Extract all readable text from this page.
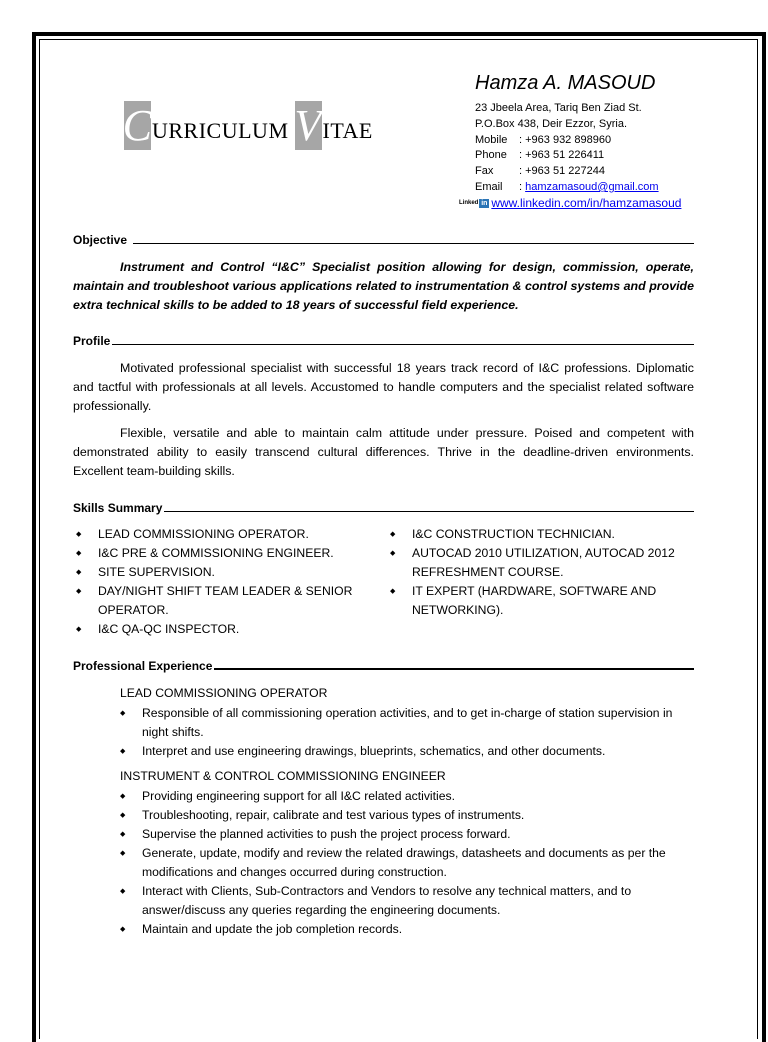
C URRICULUM V ITAE
Hamza A. MASOUD
23 Jbeela Area, Tariq Ben Ziad St.
P.O.Box 438, Deir Ezzor, Syria.
Mobile	: +963 932 898960
Phone	: +963 51 226411
Fax	: +963 51 227244
Email	: hamzamasoud@gmail.com
Linked in www.linkedin.com/in/hamzamasoud
Objective
Instrument and Control “I&C” Specialist position allowing for design, commission, operate, maintain and troubleshoot various applications related to instrumentation & control systems and provide extra technical skills to be added to 18 years of successful field experience.
Profile
Motivated professional specialist with successful 18 years track record of I&C professions. Diplomatic and tactful with professionals at all levels. Accustomed to handle computers and the specialist related software professionally.
Flexible, versatile and able to maintain calm attitude under pressure. Poised and competent with demonstrated ability to easily transcend cultural differences. Thrive in the deadline-driven environments. Excellent team-building skills.
Skills Summary
◆ LEAD COMMISSIONING OPERATOR.
◆ I&C PRE & COMMISSIONING ENGINEER.
◆ SITE SUPERVISION.
◆ DAY/NIGHT SHIFT TEAM LEADER & SENIOR OPERATOR.
◆ I&C QA-QC INSPECTOR.
◆ I&C CONSTRUCTION TECHNICIAN.
◆ AUTOCAD 2010 UTILIZATION, AUTOCAD 2012 REFRESHMENT COURSE.
◆ IT EXPERT (HARDWARE, SOFTWARE AND NETWORKING).
Professional Experience
LEAD COMMISSIONING OPERATOR
◆ Responsible of all commissioning operation activities, and to get in-charge of station supervision in night shifts.
◆ Interpret and use engineering drawings, blueprints, schematics, and other documents.
INSTRUMENT & CONTROL COMMISSIONING ENGINEER
◆ Providing engineering support for all I&C related activities.
◆ Troubleshooting, repair, calibrate and test various types of instruments.
◆ Supervise the planned activities to push the project process forward.
◆ Generate, update, modify and review the related drawings, datasheets and documents as per the modifications and changes occurred during construction.
◆ Interact with Clients, Sub-Contractors and Vendors to resolve any technical matters, and to answer/discuss any queries regarding the engineering documents.
◆ Maintain and update the job completion records.
